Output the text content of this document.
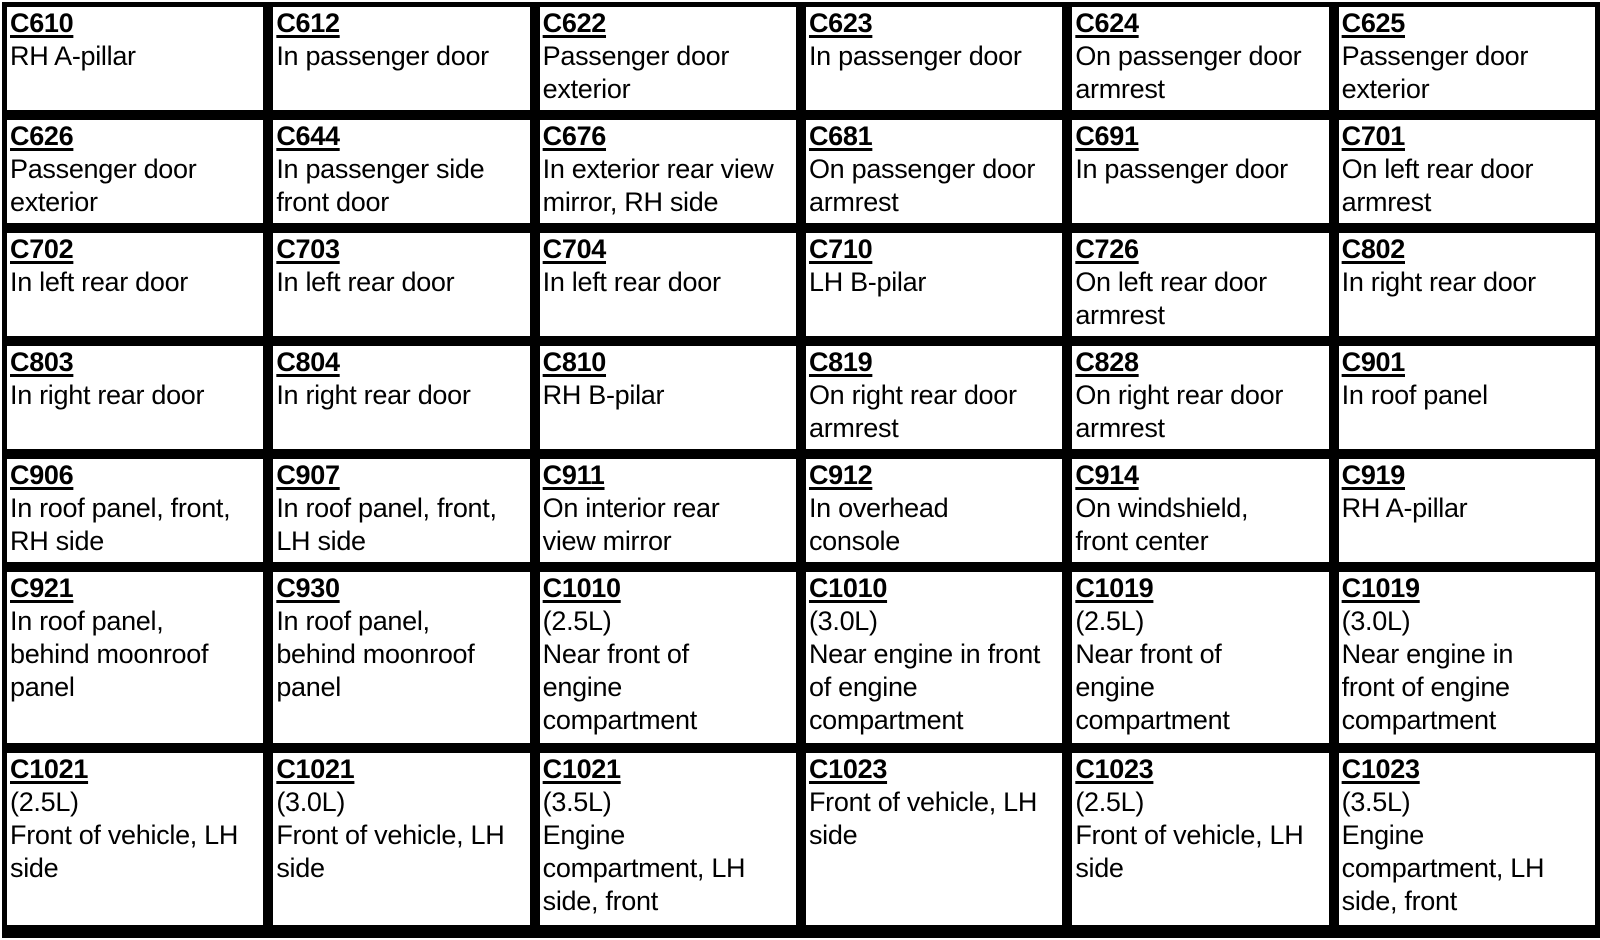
C610
RH A-pillar
C612
In passenger door
C622
Passenger door
exterior
C623
In passenger door
C624
On passenger door
armrest
C625
Passenger door
exterior
C626
Passenger door
exterior
C644
In passenger side
front door
C676
In exterior rear view
mirror, RH side
C681
On passenger door
armrest
C691
In passenger door
C701
On left rear door
armrest
C702
In left rear door
C703
In left rear door
C704
In left rear door
C710
LH B-pilar
C726
On left rear door
armrest
C802
In right rear door
C803
In right rear door
C804
In right rear door
C810
RH B-pilar
C819
On right rear door
armrest
C828
On right rear door
armrest
C901
In roof panel
C906
In roof panel, front,
RH side
C907
In roof panel, front,
LH side
C911
On interior rear
view mirror
C912
In overhead
console
C914
On windshield,
front center
C919
RH A-pillar
C921
In roof panel,
behind moonroof
panel
C930
In roof panel,
behind moonroof
panel
C1010
(2.5L)
Near front of
engine
compartment
C1010
(3.0L)
Near engine in front
of engine
compartment
C1019
(2.5L)
Near front of
engine
compartment
C1019
(3.0L)
Near engine in
front of engine
compartment
C1021
(2.5L)
Front of vehicle, LH
side
C1021
(3.0L)
Front of vehicle, LH
side
C1021
(3.5L)
Engine
compartment, LH
side, front
C1023
Front of vehicle, LH
side
C1023
(2.5L)
Front of vehicle, LH
side
C1023
(3.5L)
Engine
compartment, LH
side, front
